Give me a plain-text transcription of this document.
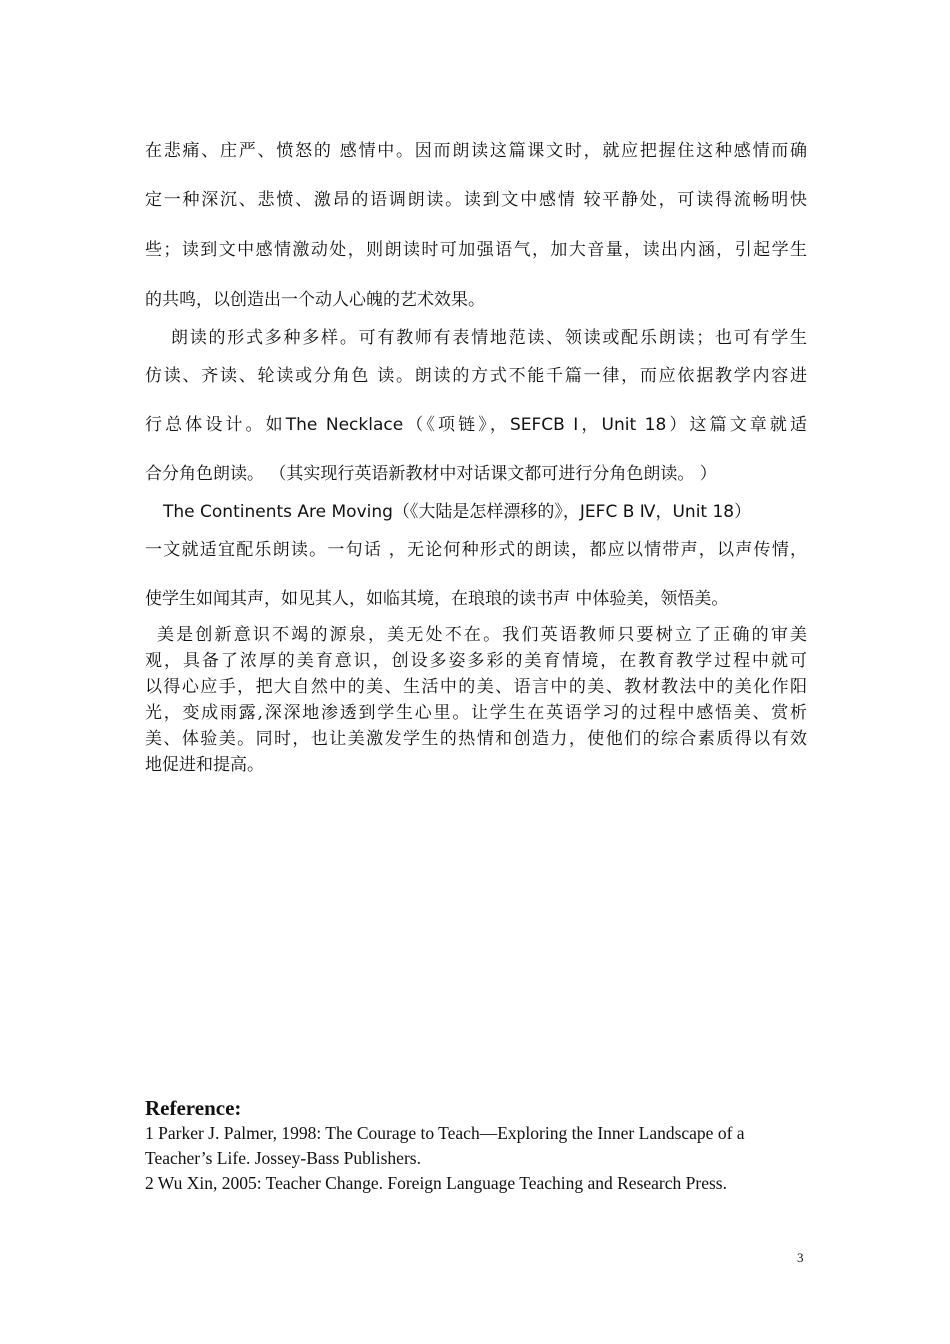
在悲痛、庄严、愤怒的 感情中。因而朗读这篇课文时，就应把握住这种感情而确
定一种深沉、悲愤、激昂的语调朗读。读到文中感情 较平静处，可读得流畅明快
些；读到文中感情激动处，则朗读时可加强语气，加大音量，读出内涵，引起学生
的共鸣，以创造出一个动人心魄的艺术效果。
朗读的形式多种多样。可有教师有表情地范读、领读或配乐朗读；也可有学生
仿读、齐读、轮读或分角色 读。朗读的方式不能千篇一律，而应依据教学内容进
行总体设计。如The Necklace（《项链》，SEFCB Ⅰ，Unit 18）这篇文章就适
合分角色朗读。 （其实现行英语新教材中对话课文都可进行分角色朗读。 ）
The Continents Are Moving（《大陆是怎样漂移的》，JEFC B Ⅳ，Unit 18）
一文就适宜配乐朗读。一句话 ，无论何种形式的朗读，都应以情带声，以声传情，
使学生如闻其声，如见其人，如临其境，在琅琅的读书声 中体验美，领悟美。
美是创新意识不竭的源泉，美无处不在。我们英语教师只要树立了正确的审美
观，具备了浓厚的美育意识，创设多姿多彩的美育情境，在教育教学过程中就可
以得心应手，把大自然中的美、生活中的美、语言中的美、教材教法中的美化作阳
光，变成雨露,深深地渗透到学生心里。让学生在英语学习的过程中感悟美、赏析
美、体验美。同时，也让美激发学生的热情和创造力，使他们的综合素质得以有效
地促进和提高。
Reference:
1 Parker J. Palmer, 1998: The Courage to Teach—Exploring the Inner Landscape of a
Teacher’s Life. Jossey-Bass Publishers.
2 Wu Xin, 2005: Teacher Change. Foreign Language Teaching and Research Press.
3
